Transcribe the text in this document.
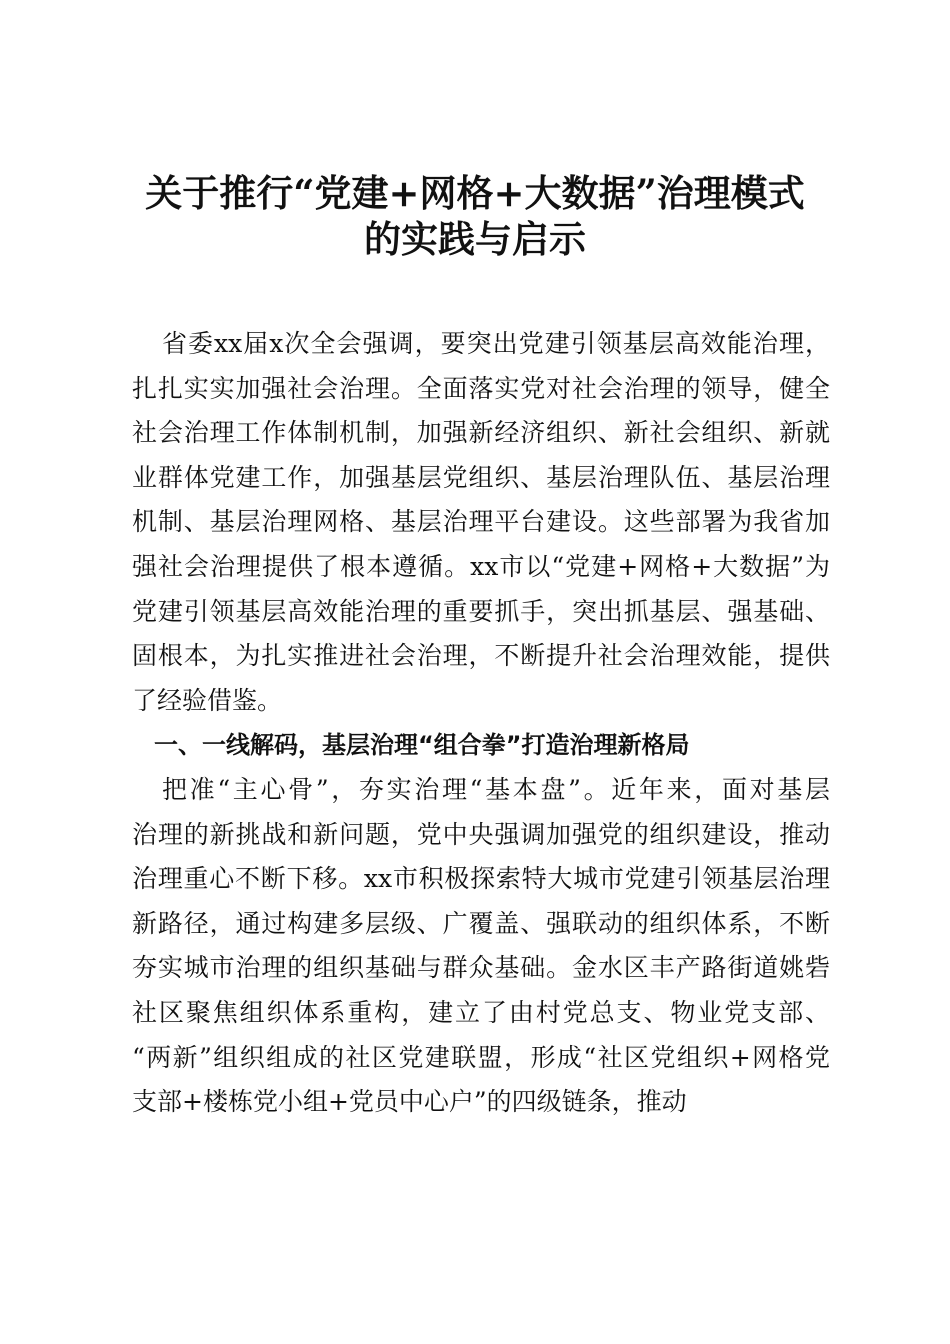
关于推行“党建+网格+大数据”治理模式
的实践与启示
省委xx届x次全会强调，要突出党建引领基层高效能治理，
扎扎实实加强社会治理。全面落实党对社会治理的领导，健全
社会治理工作体制机制，加强新经济组织、新社会组织、新就
业群体党建工作，加强基层党组织、基层治理队伍、基层治理
机制、基层治理网格、基层治理平台建设。这些部署为我省加
强社会治理提供了根本遵循。xx市以“党建+网格+大数据”为
党建引领基层高效能治理的重要抓手，突出抓基层、强基础、
固根本，为扎实推进社会治理，不断提升社会治理效能，提供
了经验借鉴。
一、一线解码，基层治理“组合拳”打造治理新格局
把准“主心骨”，夯实治理“基本盘”。近年来，面对基层
治理的新挑战和新问题，党中央强调加强党的组织建设，推动
治理重心不断下移。xx市积极探索特大城市党建引领基层治理
新路径，通过构建多层级、广覆盖、强联动的组织体系，不断
夯实城市治理的组织基础与群众基础。金水区丰产路街道姚砦
社区聚焦组织体系重构，建立了由村党总支、物业党支部、
“两新”组织组成的社区党建联盟，形成“社区党组织+网格党
支部+楼栋党小组+党员中心户”的四级链条，推动
